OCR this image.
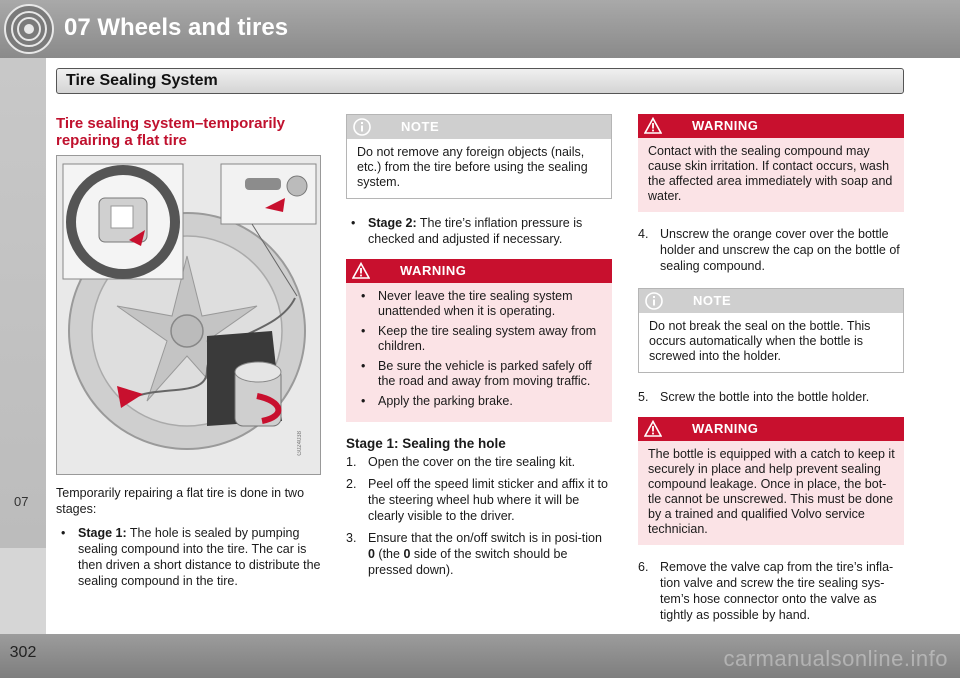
07 Wheels and tires
Tire Sealing System
07
Tire sealing system–temporarily repairing a flat tire
G024038

Temporarily repairing a flat tire is done in two stages:

• Stage 1: The hole is sealed by pumping sealing compound into the tire. The car is then driven a short distance to distribute the sealing compound in the tire.
NOTE
Do not remove any foreign objects (nails, etc.) from the tire before using the sealing system.
• Stage 2: The tire’s inflation pressure is checked and adjusted if necessary.
WARNING
• Never leave the tire sealing system unattended when it is operating.
• Keep the tire sealing system away from children.
• Be sure the vehicle is parked safely off the road and away from moving traffic.
• Apply the parking brake.
Stage 1: Sealing the hole
1. Open the cover on the tire sealing kit.
2. Peel off the speed limit sticker and affix it to the steering wheel hub where it will be clearly visible to the driver.
3. Ensure that the on/off switch is in posi-tion 0 (the 0 side of the switch should be pressed down).
WARNING
Contact with the sealing compound may cause skin irritation. If contact occurs, wash the affected area immediately with soap and water.
4. Unscrew the orange cover over the bottle holder and unscrew the cap on the bottle of sealing compound.
NOTE
Do not break the seal on the bottle. This occurs automatically when the bottle is screwed into the holder.
5. Screw the bottle into the bottle holder.
WARNING
The bottle is equipped with a catch to keep it securely in place and help prevent sealing compound leakage. Once in place, the bot-tle cannot be unscrewed. This must be done by a trained and qualified Volvo service technician.
6. Remove the valve cap from the tire’s infla-tion valve and screw the tire sealing sys-tem’s hose connector onto the valve as tightly as possible by hand.
302	carmanualsonline.info
